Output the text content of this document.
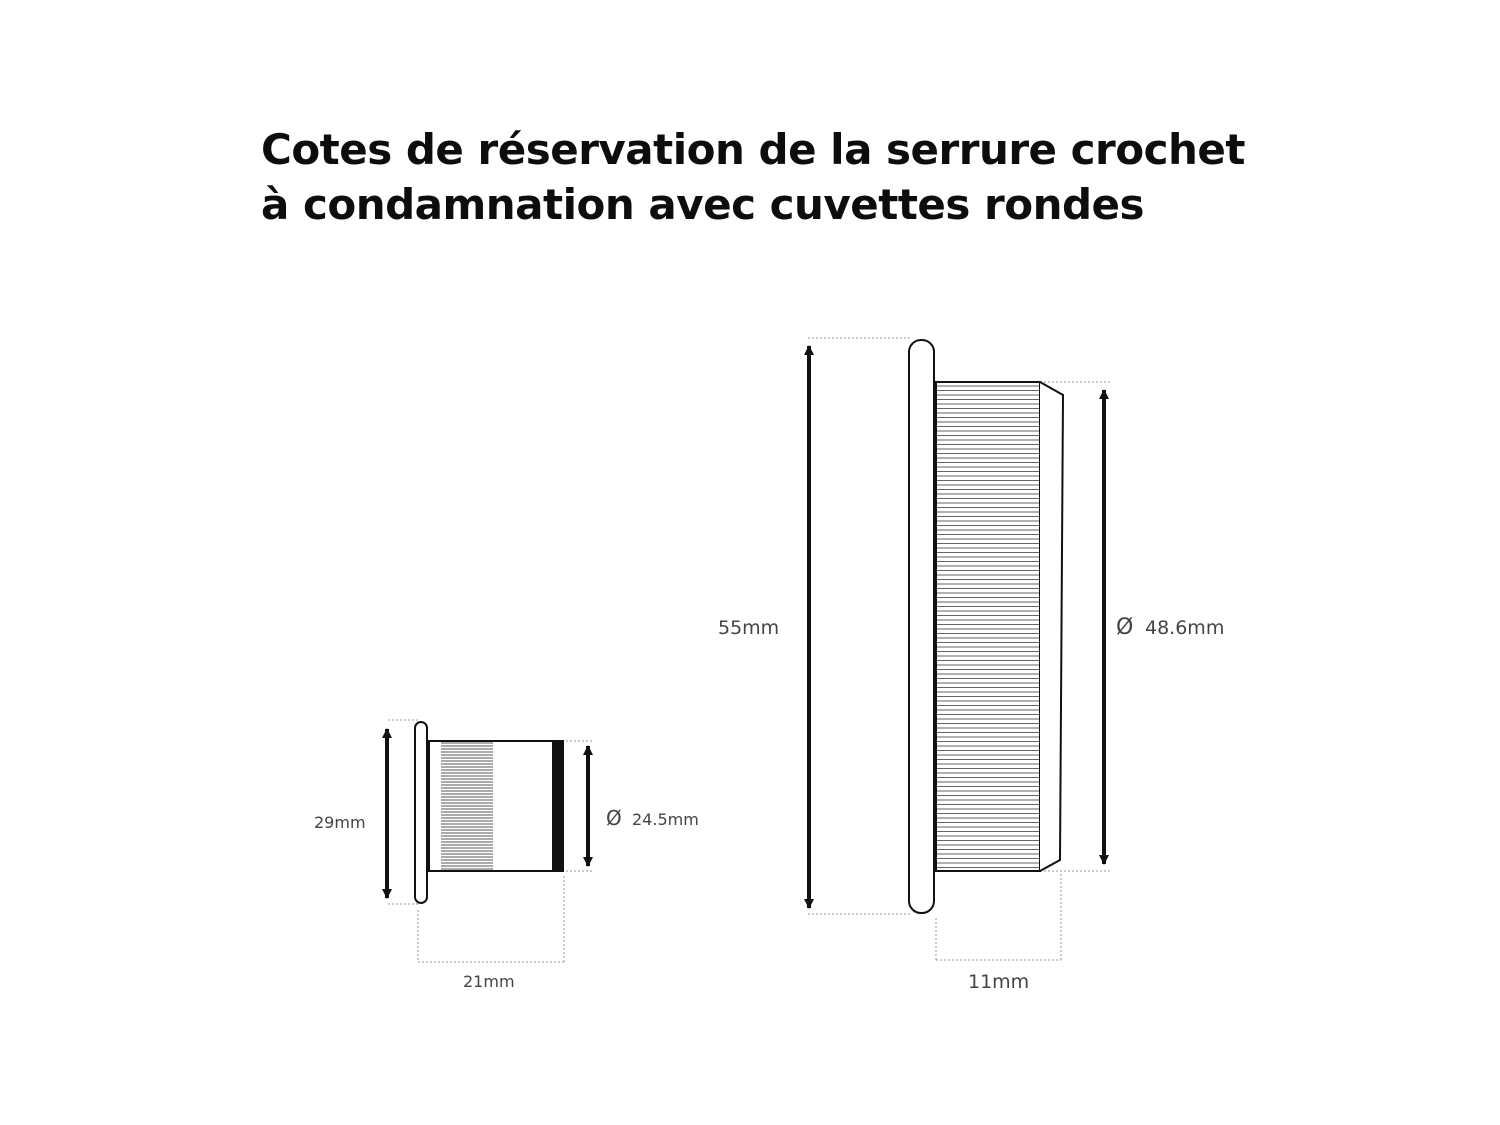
Cotes de réservation de la serrure crochet
à condamnation avec cuvettes rondes
29mm	Ø 24.5mm
21mm
55mm	Ø 48.6mm
11mm
